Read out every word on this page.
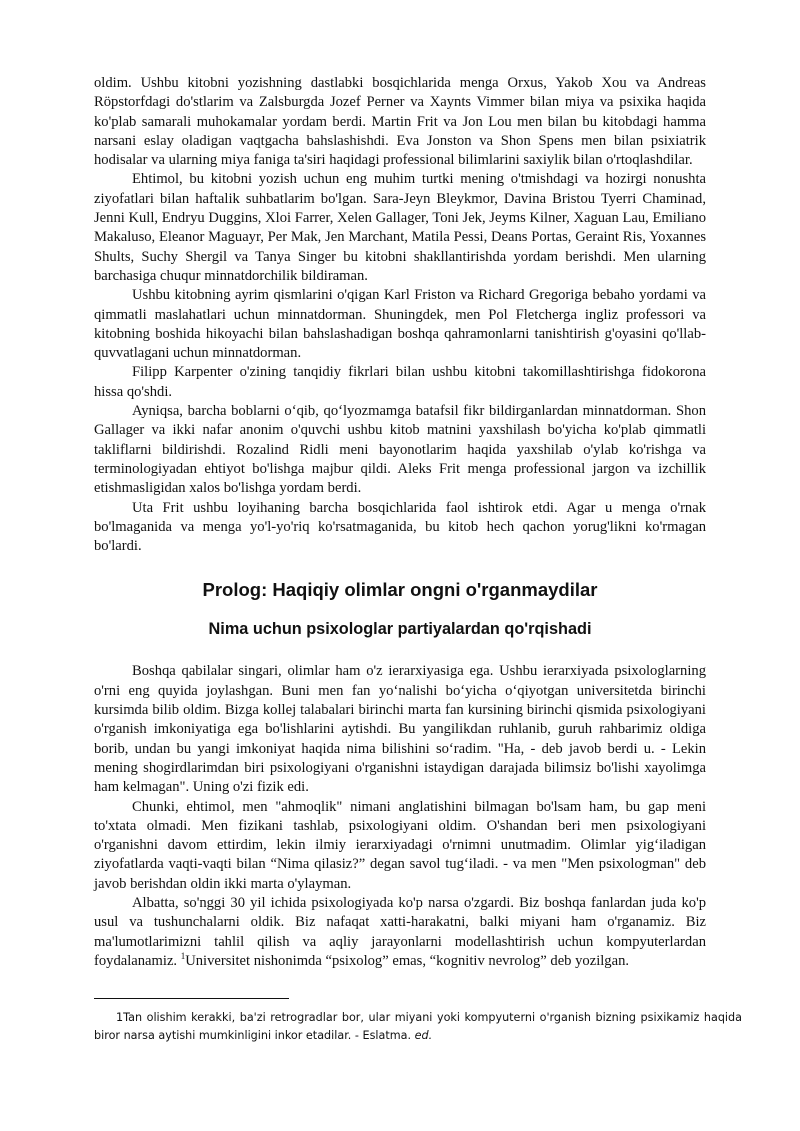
oldim. Ushbu kitobni yozishning dastlabki bosqichlarida menga Orxus, Yakob Xou va Andreas Röpstorfdagi do'stlarim va Zalsburgda Jozef Perner va Xaynts Vimmer bilan miya va psixika haqida ko'plab samarali muhokamalar yordam berdi. Martin Frit va Jon Lou men bilan bu kitobdagi hamma narsani eslay oladigan vaqtgacha bahslashishdi. Eva Jonston va Shon Spens men bilan psixiatrik hodisalar va ularning miya faniga ta'siri haqidagi professional bilimlarini saxiylik bilan o'rtoqlashdilar.

Ehtimol, bu kitobni yozish uchun eng muhim turtki mening o'tmishdagi va hozirgi nonushta ziyofatlari bilan haftalik suhbatlarim bo'lgan. Sara-Jeyn Bleykmor, Davina Bristou Tyerri Chaminad, Jenni Kull, Endryu Duggins, Xloi Farrer, Xelen Gallager, Toni Jek, Jeyms Kilner, Xaguan Lau, Emiliano Makaluso, Eleanor Maguayr, Per Mak, Jen Marchant, Matila Pessi, Deans Portas, Geraint Ris, Yoxannes Shults, Suchy Shergil va Tanya Singer bu kitobni shakllantirishda yordam berishdi. Men ularning barchasiga chuqur minnatdorchilik bildiraman.

Ushbu kitobning ayrim qismlarini o'qigan Karl Friston va Richard Gregoriga bebaho yordami va qimmatli maslahatlari uchun minnatdorman. Shuningdek, men Pol Fletcherga ingliz professori va kitobning boshida hikoyachi bilan bahslashadigan boshqa qahramonlarni tanishtirish g'oyasini qo'llab-quvvatlagani uchun minnatdorman.

Filipp Karpenter o'zining tanqidiy fikrlari bilan ushbu kitobni takomillashtirishga fidokorona hissa qo'shdi.

Ayniqsa, barcha boblarni o‘qib, qo‘lyozmamga batafsil fikr bildirganlardan minnatdorman. Shon Gallager va ikki nafar anonim o'quvchi ushbu kitob matnini yaxshilash bo'yicha ko'plab qimmatli takliflarni bildirishdi. Rozalind Ridli meni bayonotlarim haqida yaxshilab o'ylab ko'rishga va terminologiyadan ehtiyot bo'lishga majbur qildi. Aleks Frit menga professional jargon va izchillik etishmasligidan xalos bo'lishga yordam berdi.

Uta Frit ushbu loyihaning barcha bosqichlarida faol ishtirok etdi. Agar u menga o'rnak bo'lmaganida va menga yo'l-yo'riq ko'rsatmaganida, bu kitob hech qachon yorug'likni ko'rmagan bo'lardi.

Prolog: Haqiqiy olimlar ongni o'rganmaydilar
Nima uchun psixologlar partiyalardan qo'rqishadi

Boshqa qabilalar singari, olimlar ham o'z ierarxiyasiga ega. Ushbu ierarxiyada psixologlarning o'rni eng quyida joylashgan. Buni men fan yo‘nalishi bo‘yicha o‘qiyotgan universitetda birinchi kursimda bilib oldim. Bizga kollej talabalari birinchi marta fan kursining birinchi qismida psixologiyani o'rganish imkoniyatiga ega bo'lishlarini aytishdi. Bu yangilikdan ruhlanib, guruh rahbarimiz oldiga borib, undan bu yangi imkoniyat haqida nima bilishini so‘radim. "Ha, - deb javob berdi u. - Lekin mening shogirdlarimdan biri psixologiyani o'rganishni istaydigan darajada bilimsiz bo'lishi xayolimga ham kelmagan". Uning o'zi fizik edi.

Chunki, ehtimol, men "ahmoqlik" nimani anglatishini bilmagan bo'lsam ham, bu gap meni to'xtata olmadi. Men fizikani tashlab, psixologiyani oldim. O'shandan beri men psixologiyani o'rganishni davom ettirdim, lekin ilmiy ierarxiyadagi o'rnimni unutmadim. Olimlar yig‘iladigan ziyofatlarda vaqti-vaqti bilan “Nima qilasiz?” degan savol tug‘iladi. - va men "Men psixologman" deb javob berishdan oldin ikki marta o'ylayman.

Albatta, so'nggi 30 yil ichida psixologiyada ko'p narsa o'zgardi. Biz boshqa fanlardan juda ko'p usul va tushunchalarni oldik. Biz nafaqat xatti-harakatni, balki miyani ham o'rganamiz. Biz ma'lumotlarimizni tahlil qilish va aqliy jarayonlarni modellashtirish uchun kompyuterlardan foydalanamiz. $^1$Universitet nishonimda “psixolog” emas, “kognitiv nevrolog” deb yozilgan.

1Tan olishim kerakki, ba'zi retrogradlar bor, ular miyani yoki kompyuterni o'rganish bizning psixikamiz haqida biror narsa aytishi mumkinligini inkor etadilar. - Eslatma. ed.
